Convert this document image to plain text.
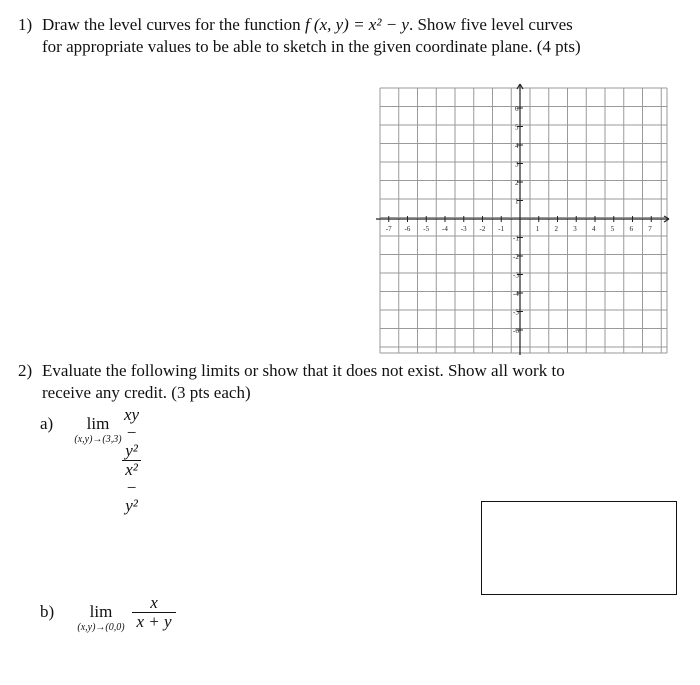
1) Draw the level curves for the function f (x, y) = x² − y. Show five level curves
for appropriate values to be able to sketch in the given coordinate plane. (4 pts)
-7 -6 -5 -4 -3 -2 -1	1 2 3 4 5 6 7
6
5
4
3
2
1
-1
-2
-3
-4
-5
-6
2) Evaluate the following limits or show that it does not exist. Show all work to
receive any credit. (3 pts each)
a)	lim
$(x,y)\to(3,3) \frac{\text{xy − y²}}{\text{x² − y²}}$
b)	lim
$(x,y)\to(0,0) \frac{x}{x + y}$
